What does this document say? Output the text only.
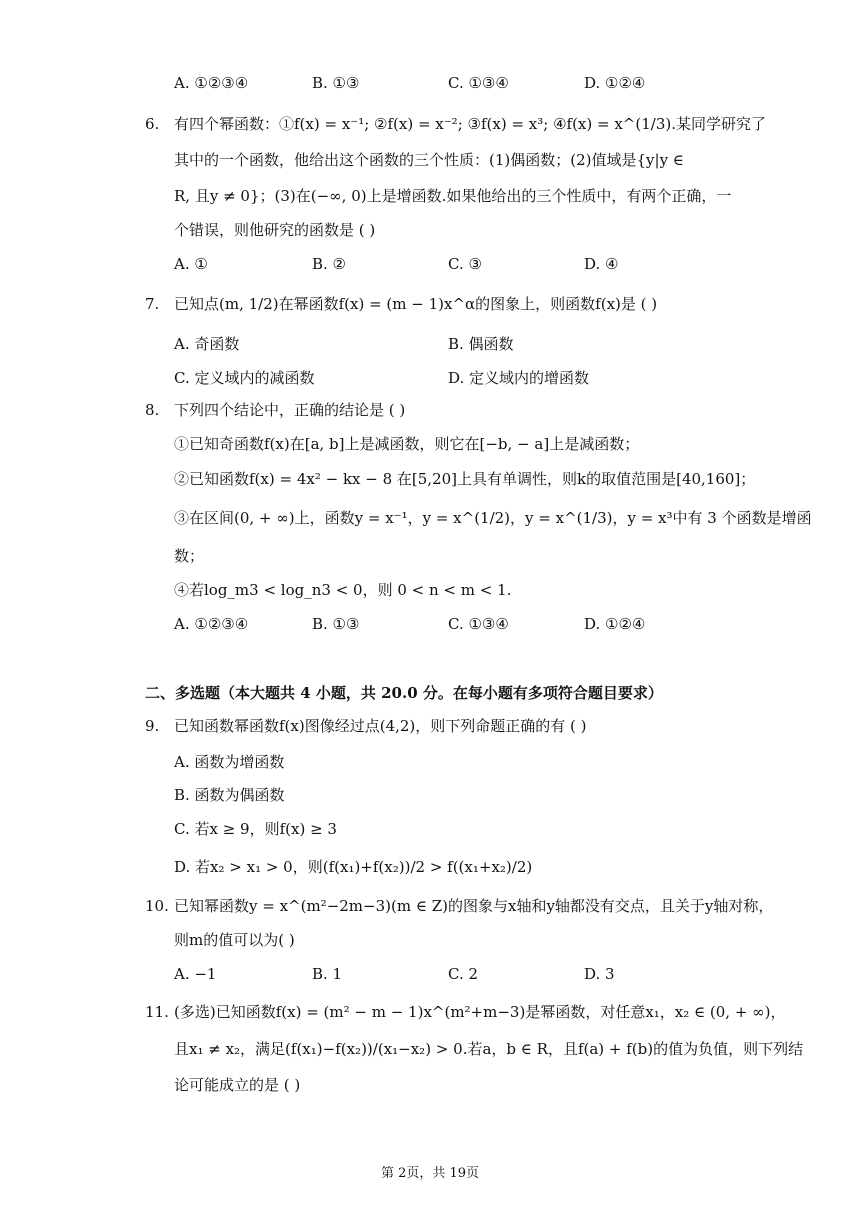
A. ①②③④	B. ①③	C. ①③④	D. ①②④
6. 有四个幂函数：①f(x) = x⁻¹; ②f(x) = x⁻²; ③f(x) = x³; ④f(x) = x^(1/3).某同学研究了
其中的一个函数，他给出这个函数的三个性质：(1)偶函数；(2)值域是{y|y ∈
R, 且y ≠ 0}；(3)在(−∞, 0)上是增函数.如果他给出的三个性质中，有两个正确，一
个错误，则他研究的函数是 ( )
A. ①	B. ②	C. ③	D. ④
7. 已知点(m, 1/2)在幂函数f(x) = (m − 1)x^α的图象上，则函数f(x)是 ( )
A. 奇函数	B. 偶函数
C. 定义域内的减函数	D. 定义域内的增函数
8. 下列四个结论中，正确的结论是 ( )
①已知奇函数f(x)在[a, b]上是减函数，则它在[−b, − a]上是减函数；
②已知函数f(x) = 4x² − kx − 8 在[5,20]上具有单调性，则k的取值范围是[40,160]；
③在区间(0, + ∞)上，函数y = x⁻¹，y = x^(1/2)，y = x^(1/3)，y = x³中有 3 个函数是增函
数；
④若log_m3 < log_n3 < 0，则 0 < n < m < 1.
A. ①②③④	B. ①③	C. ①③④	D. ①②④
二、多选题（本大题共 4 小题，共 20.0 分。在每小题有多项符合题目要求）
9. 已知函数幂函数f(x)图像经过点(4,2)，则下列命题正确的有 ( )
A. 函数为增函数
B. 函数为偶函数
C. 若x ≥ 9，则f(x) ≥ 3
D. 若x₂ > x₁ > 0，则(f(x₁)+f(x₂))/2 > f((x₁+x₂)/2)
10. 已知幂函数y = x^(m²−2m−3)(m ∈ Z)的图象与x轴和y轴都没有交点，且关于y轴对称，
则m的值可以为( )
A. −1	B. 1	C. 2	D. 3
11. (多选)已知函数f(x) = (m² − m − 1)x^(m²+m−3)是幂函数，对任意x₁，x₂ ∈ (0, + ∞)，
且x₁ ≠ x₂，满足(f(x₁)−f(x₂))/(x₁−x₂) > 0.若a，b ∈ R，且f(a) + f(b)的值为负值，则下列结
论可能成立的是 ( )
第 2页，共 19页
